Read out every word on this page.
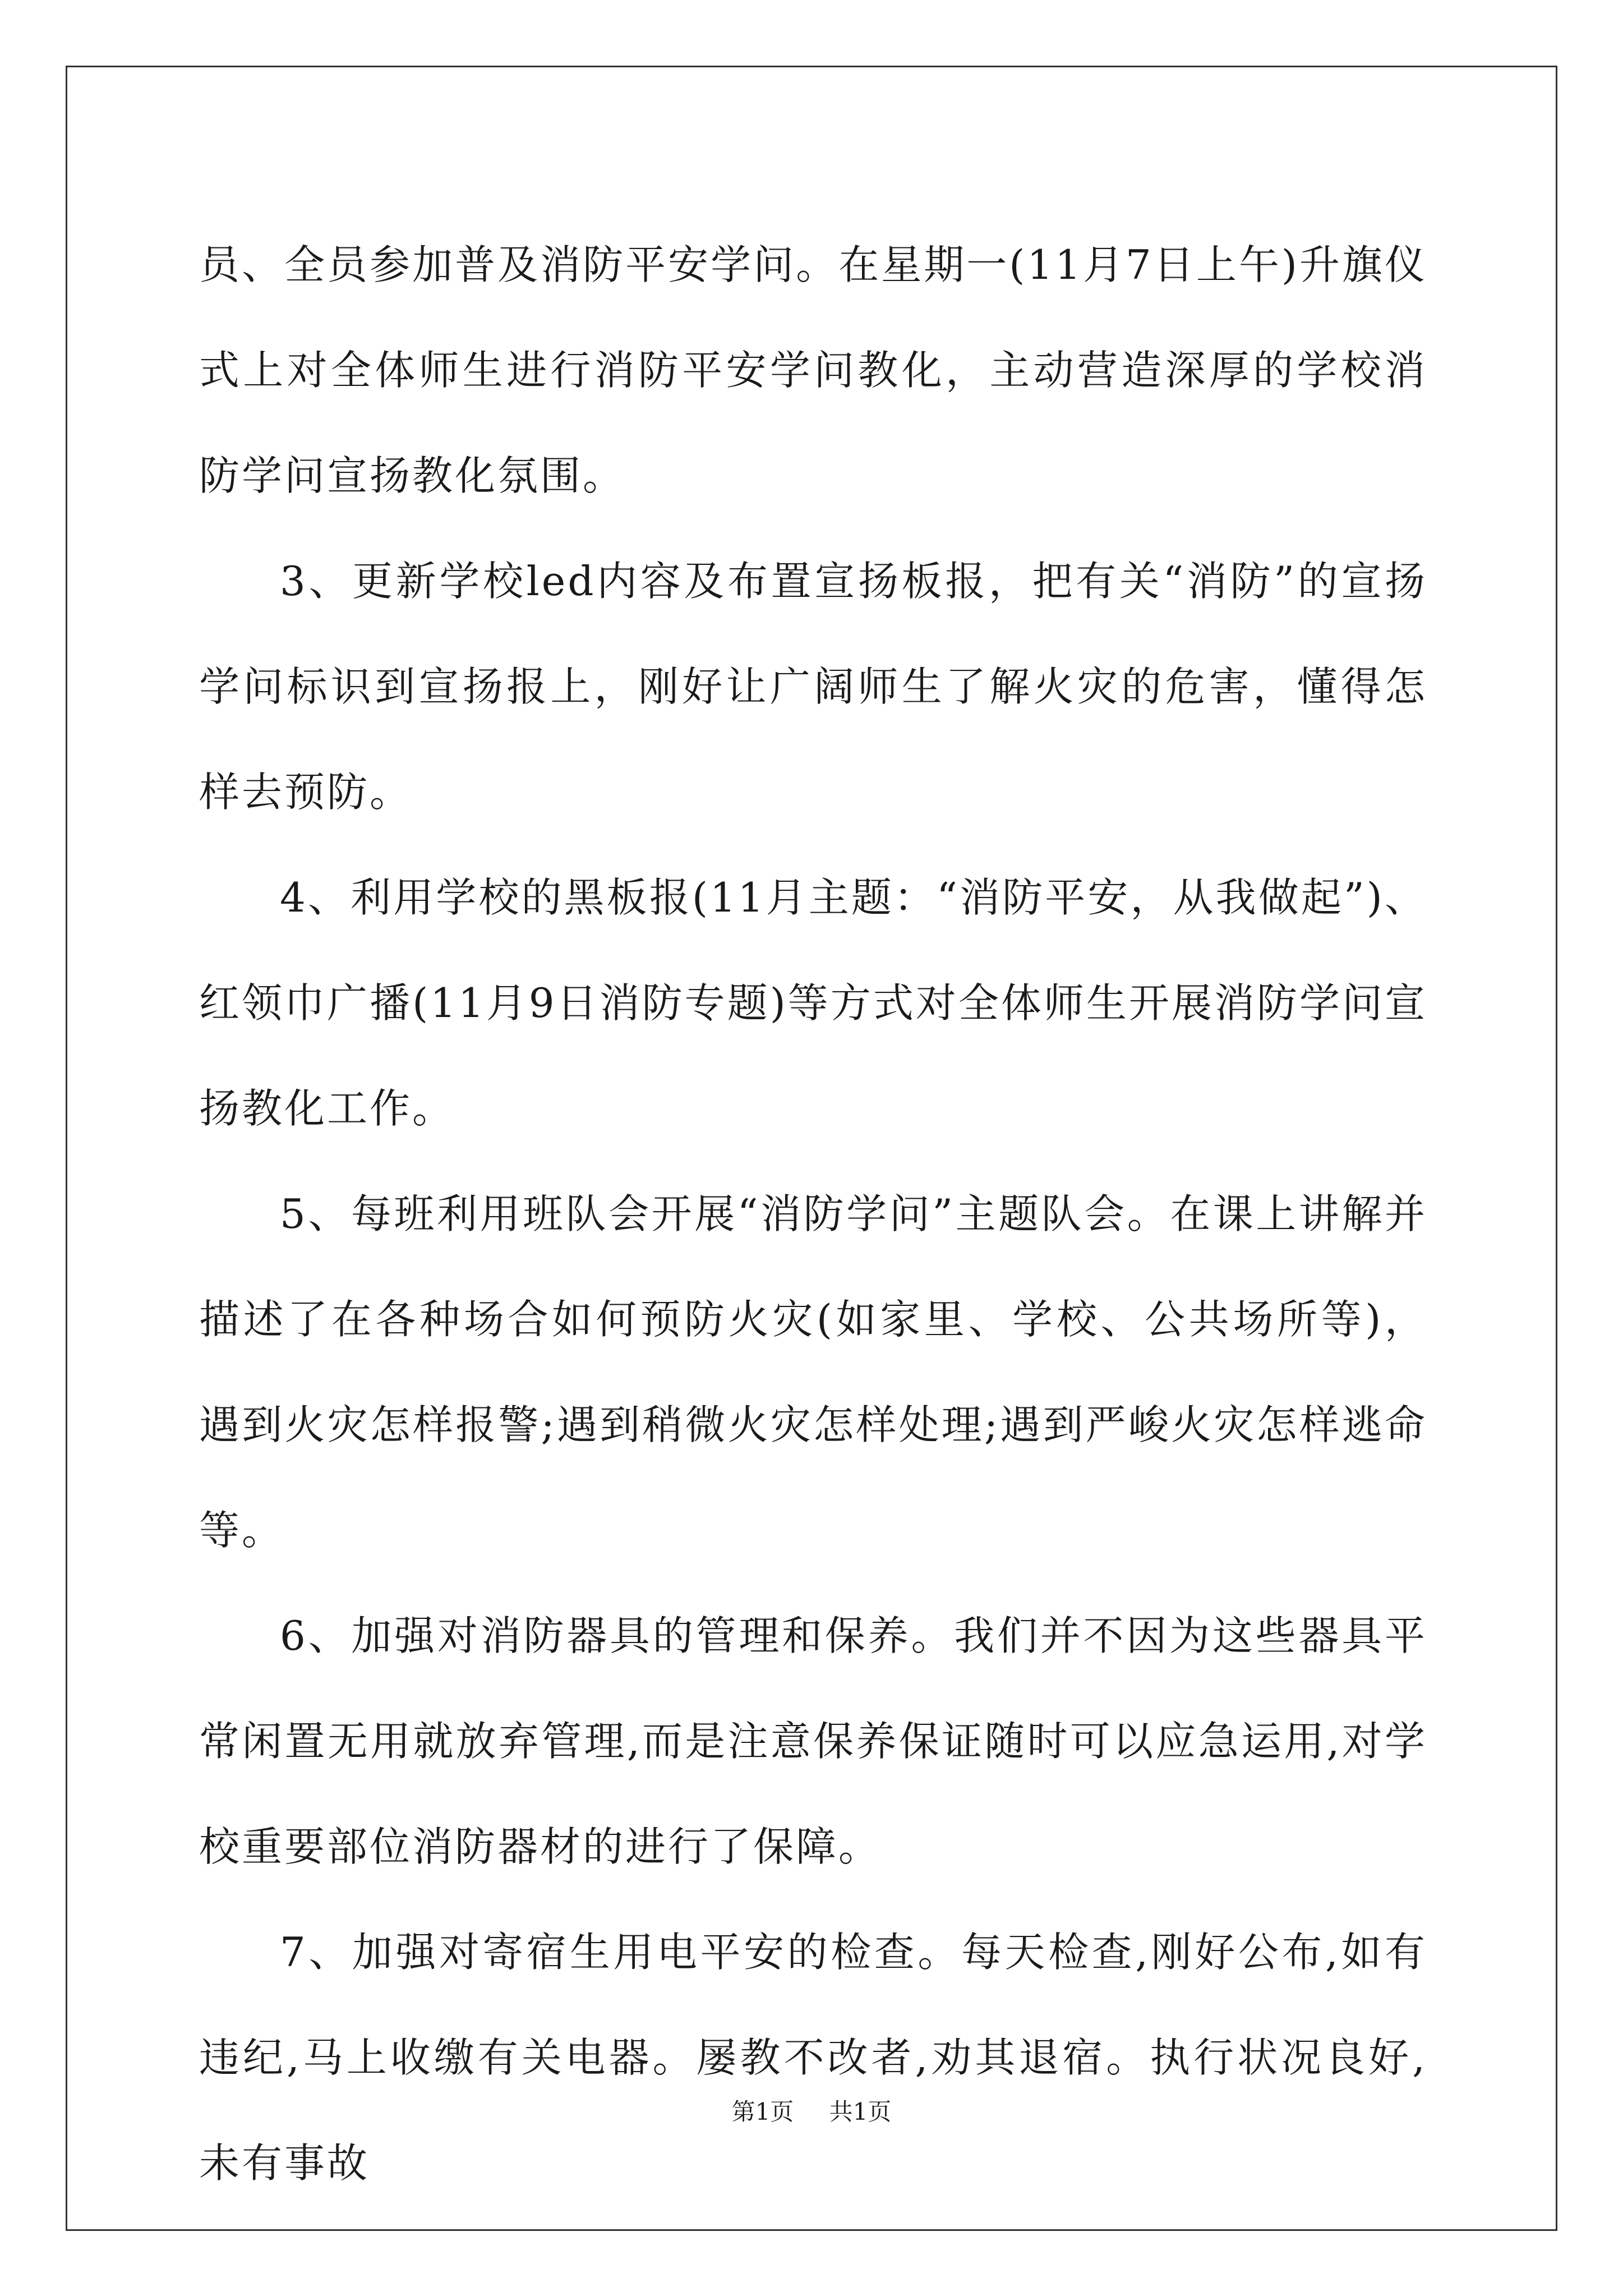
员、全员参加普及消防平安学问。在星期一(11月7日上午)升旗仪式上对全体师生进行消防平安学问教化，主动营造深厚的学校消防学问宣扬教化氛围。

3、更新学校led内容及布置宣扬板报，把有关“消防”的宣扬学问标识到宣扬报上，刚好让广阔师生了解火灾的危害，懂得怎样去预防。

4、利用学校的黑板报(11月主题：“消防平安，从我做起”)、红领巾广播(11月9日消防专题)等方式对全体师生开展消防学问宣扬教化工作。

5、每班利用班队会开展“消防学问”主题队会。在课上讲解并描述了在各种场合如何预防火灾(如家里、学校、公共场所等)，遇到火灾怎样报警;遇到稍微火灾怎样处理;遇到严峻火灾怎样逃命等。

6、加强对消防器具的管理和保养。我们并不因为这些器具平常闲置无用就放弃管理,而是注意保养保证随时可以应急运用,对学校重要部位消防器材的进行了保障。

7、加强对寄宿生用电平安的检查。每天检查,刚好公布,如有违纪,马上收缴有关电器。屡教不改者,劝其退宿。执行状况良好,未有事故

第1页 共1页
